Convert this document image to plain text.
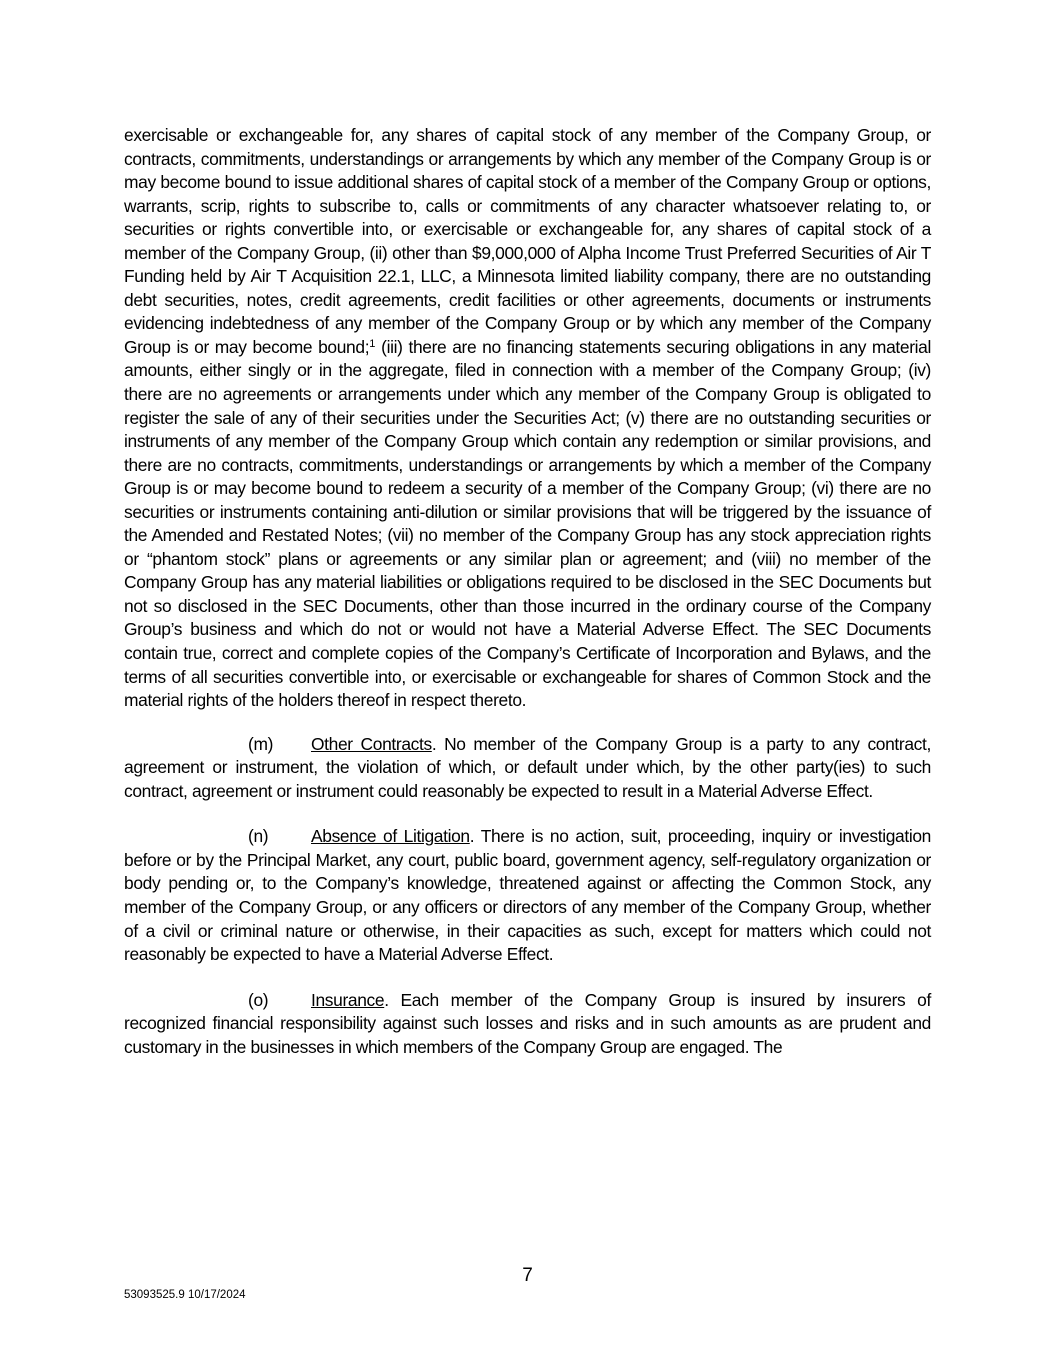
exercisable or exchangeable for, any shares of capital stock of any member of the Company Group, or contracts, commitments, understandings or arrangements by which any member of the Company Group is or may become bound to issue additional shares of capital stock of a member of the Company Group or options, warrants, scrip, rights to subscribe to, calls or commitments of any character whatsoever relating to, or securities or rights convertible into, or exercisable or exchangeable for, any shares of capital stock of a member of the Company Group, (ii) other than $9,000,000 of Alpha Income Trust Preferred Securities of Air T Funding held by Air T Acquisition 22.1, LLC, a Minnesota limited liability company, there are no outstanding debt securities, notes, credit agreements, credit facilities or other agreements, documents or instruments evidencing indebtedness of any member of the Company Group or by which any member of the Company Group is or may become bound;$^1$ (iii) there are no financing statements securing obligations in any material amounts, either singly or in the aggregate, filed in connection with a member of the Company Group; (iv) there are no agreements or arrangements under which any member of the Company Group is obligated to register the sale of any of their securities under the Securities Act; (v) there are no outstanding securities or instruments of any member of the Company Group which contain any redemption or similar provisions, and there are no contracts, commitments, understandings or arrangements by which a member of the Company Group is or may become bound to redeem a security of a member of the Company Group; (vi) there are no securities or instruments containing anti-dilution or similar provisions that will be triggered by the issuance of the Amended and Restated Notes; (vii) no member of the Company Group has any stock appreciation rights or “phantom stock” plans or agreements or any similar plan or agreement; and (viii) no member of the Company Group has any material liabilities or obligations required to be disclosed in the SEC Documents but not so disclosed in the SEC Documents, other than those incurred in the ordinary course of the Company Group’s business and which do not or would not have a Material Adverse Effect. The SEC Documents contain true, correct and complete copies of the Company’s Certificate of Incorporation and Bylaws, and the terms of all securities convertible into, or exercisable or exchangeable for shares of Common Stock and the material rights of the holders thereof in respect thereto.

(m) Other Contracts. No member of the Company Group is a party to any contract, agreement or instrument, the violation of which, or default under which, by the other party(ies) to such contract, agreement or instrument could reasonably be expected to result in a Material Adverse Effect.

(n) Absence of Litigation. There is no action, suit, proceeding, inquiry or investigation before or by the Principal Market, any court, public board, government agency, self-regulatory organization or body pending or, to the Company’s knowledge, threatened against or affecting the Common Stock, any member of the Company Group, or any officers or directors of any member of the Company Group, whether of a civil or criminal nature or otherwise, in their capacities as such, except for matters which could not reasonably be expected to have a Material Adverse Effect.

(o) Insurance. Each member of the Company Group is insured by insurers of recognized financial responsibility against such losses and risks and in such amounts as are prudent and customary in the businesses in which members of the Company Group are engaged. The

7
53093525.9 10/17/2024
